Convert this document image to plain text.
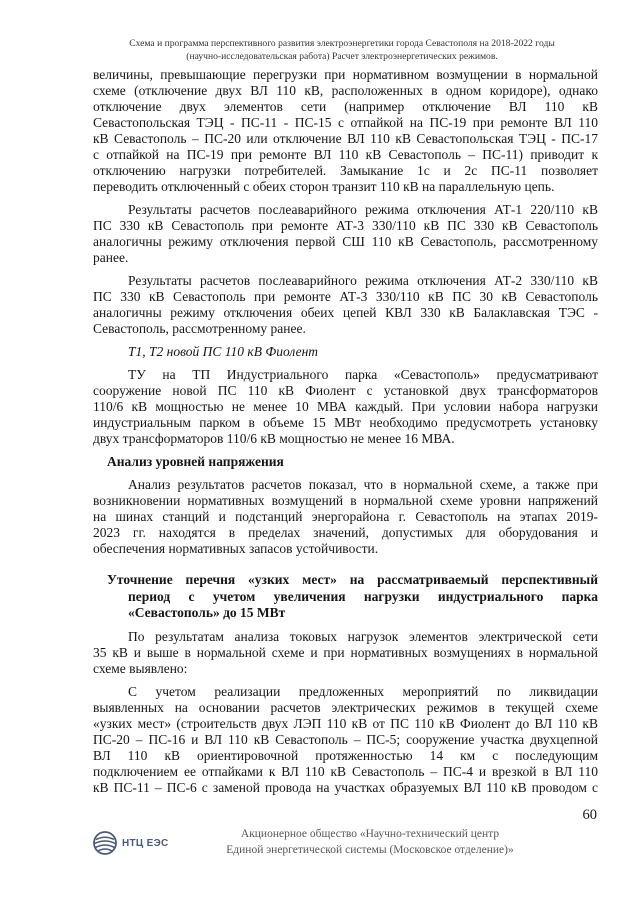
Схема и программа перспективного развития электроэнергетики города Севастополя на 2018-2022 годы
(научно-исследовательская работа) Расчет электроэнергетических режимов.
величины, превышающие перегрузки при нормативном возмущении в нормальной
схеме (отключение двух ВЛ 110 кВ, расположенных в одном коридоре), однако
отключение двух элементов сети (например отключение ВЛ 110 кВ
Севастопольская ТЭЦ - ПС-11 - ПС-15 с отпайкой на ПС-19 при ремонте ВЛ 110
кВ Севастополь – ПС-20 или отключение ВЛ 110 кВ Севастопольская ТЭЦ - ПС-17
с отпайкой на ПС-19 при ремонте ВЛ 110 кВ Севастополь – ПС-11) приводит к
отключению нагрузки потребителей. Замыкание 1с и 2с ПС-11 позволяет
переводить отключенный с обеих сторон транзит 110 кВ на параллельную цепь.
Результаты расчетов послеаварийного режима отключения АТ-1 220/110 кВ
ПС 330 кВ Севастополь при ремонте АТ-3 330/110 кВ ПС 330 кВ Севастополь
аналогичны режиму отключения первой СШ 110 кВ Севастополь, рассмотренному
ранее.
Результаты расчетов послеаварийного режима отключения АТ-2 330/110 кВ
ПС 330 кВ Севастополь при ремонте АТ-3 330/110 кВ ПС 30 кВ Севастополь
аналогичны режиму отключения обеих цепей КВЛ 330 кВ Балаклавская ТЭС -
Севастополь, рассмотренному ранее.
Т1, Т2 новой ПС 110 кВ Фиолент
ТУ на ТП Индустриального парка «Севастополь» предусматривают
сооружение новой ПС 110 кВ Фиолент с установкой двух трансформаторов
110/6 кВ мощностью не менее 10 МВА каждый. При условии набора нагрузки
индустриальным парком в объеме 15 МВт необходимо предусмотреть установку
двух трансформаторов 110/6 кВ мощностью не менее 16 МВА.
Анализ уровней напряжения
Анализ результатов расчетов показал, что в нормальной схеме, а также при
возникновении нормативных возмущений в нормальной схеме уровни напряжений
на шинах станций и подстанций энергорайона г. Севастополь на этапах 2019-
2023 гг. находятся в пределах значений, допустимых для оборудования и
обеспечения нормативных запасов устойчивости.
Уточнение перечня «узких мест» на рассматриваемый перспективный
период с учетом увеличения нагрузки индустриального парка
«Севастополь» до 15 МВт
По результатам анализа токовых нагрузок элементов электрической сети
35 кВ и выше в нормальной схеме и при нормативных возмущениях в нормальной
схеме выявлено:
С учетом реализации предложенных мероприятий по ликвидации
выявленных на основании расчетов электрических режимов в текущей схеме
«узких мест» (строительств двух ЛЭП 110 кВ от ПС 110 кВ Фиолент до ВЛ 110 кВ
ПС-20 – ПС-16 и ВЛ 110 кВ Севастополь – ПС-5; сооружение участка двухцепной
ВЛ 110 кВ ориентировочной протяженностью 14 км с последующим
подключением ее отпайками к ВЛ 110 кВ Севастополь – ПС-4 и врезкой в ВЛ 110
кВ ПС-11 – ПС-6 с заменой провода на участках образуемых ВЛ 110 кВ проводом с
60
НТЦ ЕЭС
Акционерное общество «Научно-технический центр
Единой энергетической системы (Московское отделение)»
